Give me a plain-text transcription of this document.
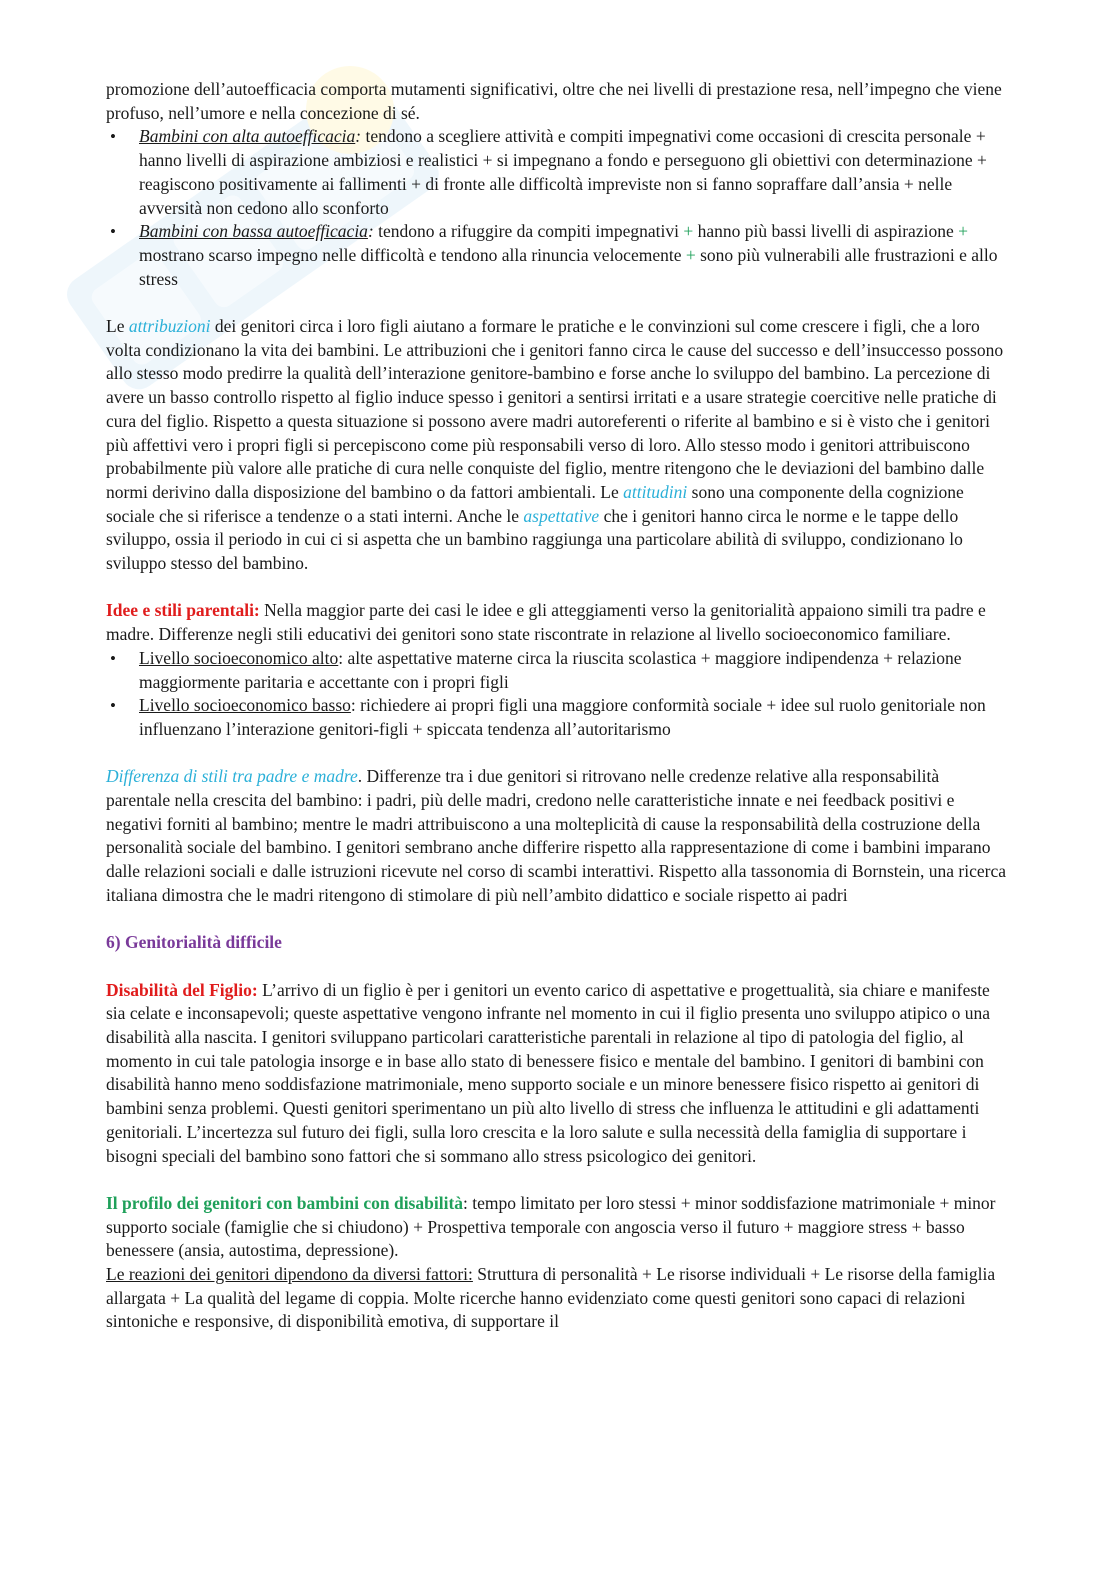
promozione dell’autoefficacia comporta mutamenti significativi, oltre che nei livelli di prestazione resa, nell’impegno che viene profuso, nell’umore e nella concezione di sé.

• Bambini con alta autoefficacia: tendono a scegliere attività e compiti impegnativi come occasioni di crescita personale + hanno livelli di aspirazione ambiziosi e realistici + si impegnano a fondo e perseguono gli obiettivi con determinazione + reagiscono positivamente ai fallimenti + di fronte alle difficoltà impreviste non si fanno sopraffare dall’ansia + nelle avversità non cedono allo sconforto
• Bambini con bassa autoefficacia: tendono a rifuggire da compiti impegnativi + hanno più bassi livelli di aspirazione + mostrano scarso impegno nelle difficoltà e tendono alla rinuncia velocemente + sono più vulnerabili alle frustrazioni e allo stress

Le attribuzioni dei genitori circa i loro figli aiutano a formare le pratiche e le convinzioni sul come crescere i figli, che a loro volta condizionano la vita dei bambini. Le attribuzioni che i genitori fanno circa le cause del successo e dell’insuccesso possono allo stesso modo predirre la qualità dell’interazione genitore-bambino e forse anche lo sviluppo del bambino. La percezione di avere un basso controllo rispetto al figlio induce spesso i genitori a sentirsi irritati e a usare strategie coercitive nelle pratiche di cura del figlio. Rispetto a questa situazione si possono avere madri autoreferenti o riferite al bambino e si è visto che i genitori più affettivi vero i propri figli si percepiscono come più responsabili verso di loro. Allo stesso modo i genitori attribuiscono probabilmente più valore alle pratiche di cura nelle conquiste del figlio, mentre ritengono che le deviazioni del bambino dalle normi derivino dalla disposizione del bambino o da fattori ambientali. Le attitudini sono una componente della cognizione sociale che si riferisce a tendenze o a stati interni. Anche le aspettative che i genitori hanno circa le norme e le tappe dello sviluppo, ossia il periodo in cui ci si aspetta che un bambino raggiunga una particolare abilità di sviluppo, condizionano lo sviluppo stesso del bambino.

Idee e stili parentali: Nella maggior parte dei casi le idee e gli atteggiamenti verso la genitorialità appaiono simili tra padre e madre. Differenze negli stili educativi dei genitori sono state riscontrate in relazione al livello socioeconomico familiare.

• Livello socioeconomico alto: alte aspettative materne circa la riuscita scolastica + maggiore indipendenza + relazione maggiormente paritaria e accettante con i propri figli
• Livello socioeconomico basso: richiedere ai propri figli una maggiore conformità sociale + idee sul ruolo genitoriale non influenzano l’interazione genitori-figli + spiccata tendenza all’autoritarismo

Differenza di stili tra padre e madre. Differenze tra i due genitori si ritrovano nelle credenze relative alla responsabilità parentale nella crescita del bambino: i padri, più delle madri, credono nelle caratteristiche innate e nei feedback positivi e negativi forniti al bambino; mentre le madri attribuiscono a una molteplicità di cause la responsabilità della costruzione della personalità sociale del bambino. I genitori sembrano anche differire rispetto alla rappresentazione di come i bambini imparano dalle relazioni sociali e dalle istruzioni ricevute nel corso di scambi interattivi. Rispetto alla tassonomia di Bornstein, una ricerca italiana dimostra che le madri ritengono di stimolare di più nell’ambito didattico e sociale rispetto ai padri

6) Genitorialità difficile

Disabilità del Figlio: L’arrivo di un figlio è per i genitori un evento carico di aspettative e progettualità, sia chiare e manifeste sia celate e inconsapevoli; queste aspettative vengono infrante nel momento in cui il figlio presenta uno sviluppo atipico o una disabilità alla nascita. I genitori sviluppano particolari caratteristiche parentali in relazione al tipo di patologia del figlio, al momento in cui tale patologia insorge e in base allo stato di benessere fisico e mentale del bambino. I genitori di bambini con disabilità hanno meno soddisfazione matrimoniale, meno supporto sociale e un minore benessere fisico rispetto ai genitori di bambini senza problemi. Questi genitori sperimentano un più alto livello di stress che influenza le attitudini e gli adattamenti genitoriali. L’incertezza sul futuro dei figli, sulla loro crescita e la loro salute e sulla necessità della famiglia di supportare i bisogni speciali del bambino sono fattori che si sommano allo stress psicologico dei genitori.

Il profilo dei genitori con bambini con disabilità: tempo limitato per loro stessi + minor soddisfazione matrimoniale + minor supporto sociale (famiglie che si chiudono) + Prospettiva temporale con angoscia verso il futuro + maggiore stress + basso benessere (ansia, autostima, depressione).

Le reazioni dei genitori dipendono da diversi fattori: Struttura di personalità + Le risorse individuali + Le risorse della famiglia allargata + La qualità del legame di coppia. Molte ricerche hanno evidenziato come questi genitori sono capaci di relazioni sintoniche e responsive, di disponibilità emotiva, di supportare il
